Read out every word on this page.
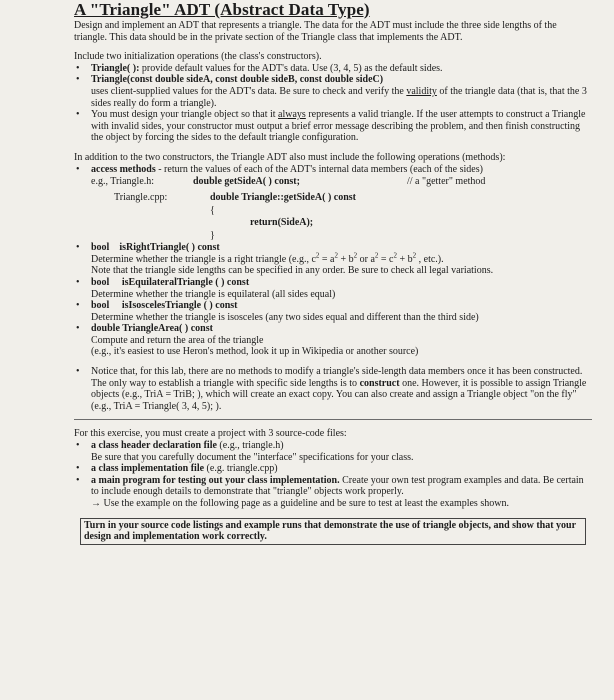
A "Triangle" ADT (Abstract Data Type)

Design and implement an ADT that represents a triangle. The data for the ADT must include the three side lengths of the triangle. This data should be in the private section of the Triangle class that implements the ADT.

Include two initialization operations (the class's constructors).

• Triangle( ): provide default values for the ADT's data. Use (3, 4, 5) as the default sides.
• Triangle(const double sideA, const double sideB, const double sideC)
uses client-supplied values for the ADT's data. Be sure to check and verify the validity of the triangle data (that is, that the 3 sides really do form a triangle).
• You must design your triangle object so that it always represents a valid triangle. If the user attempts to construct a Triangle with invalid sides, your constructor must output a brief error message describing the problem, and then finish constructing the object by forcing the sides to the default triangle configuration.

In addition to the two constructors, the Triangle ADT also must include the following operations (methods):

• access methods - return the values of each of the ADT's internal data members (each of the sides)
e.g., Triangle.h:	double getSideA( ) const;	// a "getter" method
Triangle.cpp:	double Triangle::getSideA( ) const
{
return(SideA);
}
• bool isRightTriangle( ) const
Determine whether the triangle is a right triangle (e.g., $c^2 = a^2 + b^2$ or $a^2 = c^2 + b^2$ , etc.).
Note that the triangle side lengths can be specified in any order. Be sure to check all legal variations.
• bool isEquilateralTriangle ( ) const
Determine whether the triangle is equilateral (all sides equal)
• bool isIsoscelesTriangle ( ) const
Determine whether the triangle is isosceles (any two sides equal and different than the third side)
• double TriangleArea( ) const
Compute and return the area of the triangle
(e.g., it's easiest to use Heron's method, look it up in Wikipedia or another source)
• Notice that, for this lab, there are no methods to modify a triangle's side-length data members once it has been constructed. The only way to establish a triangle with specific side lengths is to construct one. However, it is possible to assign Triangle objects (e.g., TriA = TriB; ), which will create an exact copy. You can also create and assign a Triangle object "on the fly" (e.g., TriA = Triangle( 3, 4, 5); ).

For this exercise, you must create a project with 3 source-code files:

• a class header declaration file (e.g., triangle.h)
Be sure that you carefully document the "interface" specifications for your class.
• a class implementation file (e.g. triangle.cpp)
• a main program for testing out your class implementation. Create your own test program examples and data. Be certain to include enough details to demonstrate that "triangle" objects work properly.
→ Use the example on the following page as a guideline and be sure to test at least the examples shown.
Turn in your source code listings and example runs that demonstrate the use of triangle objects, and show that your design and implementation work correctly.
